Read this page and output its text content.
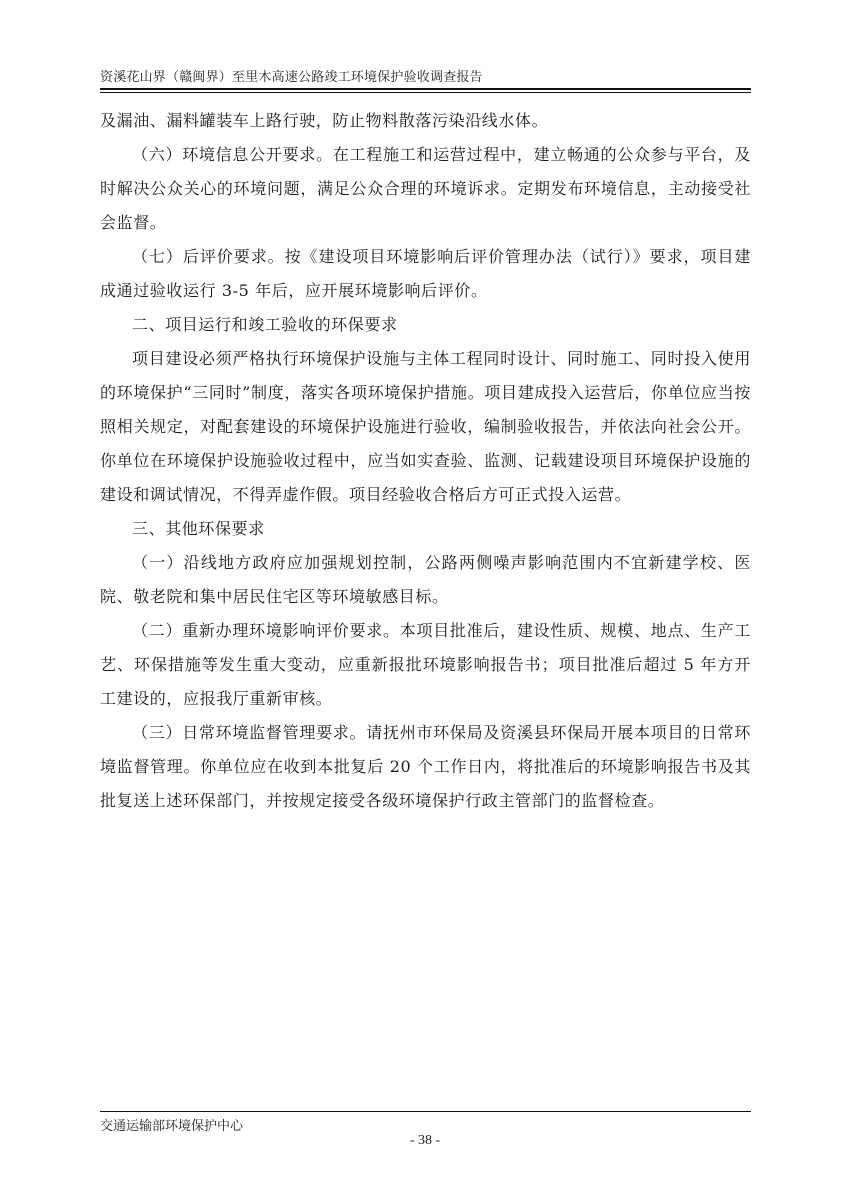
资溪花山界（赣闽界）至里木高速公路竣工环境保护验收调查报告

及漏油、漏料罐装车上路行驶，防止物料散落污染沿线水体。

（六）环境信息公开要求。在工程施工和运营过程中，建立畅通的公众参与平台，及时解决公众关心的环境问题，满足公众合理的环境诉求。定期发布环境信息，主动接受社会监督。

（七）后评价要求。按《建设项目环境影响后评价管理办法（试行）》要求，项目建成通过验收运行 3-5 年后，应开展环境影响后评价。

二、项目运行和竣工验收的环保要求

项目建设必须严格执行环境保护设施与主体工程同时设计、同时施工、同时投入使用的环境保护“三同时”制度，落实各项环境保护措施。项目建成投入运营后，你单位应当按照相关规定，对配套建设的环境保护设施进行验收，编制验收报告，并依法向社会公开。你单位在环境保护设施验收过程中，应当如实查验、监测、记载建设项目环境保护设施的建设和调试情况，不得弄虚作假。项目经验收合格后方可正式投入运营。

三、其他环保要求

（一）沿线地方政府应加强规划控制，公路两侧噪声影响范围内不宜新建学校、医院、敬老院和集中居民住宅区等环境敏感目标。

（二）重新办理环境影响评价要求。本项目批准后，建设性质、规模、地点、生产工艺、环保措施等发生重大变动，应重新报批环境影响报告书；项目批准后超过 5 年方开工建设的，应报我厅重新审核。

（三）日常环境监督管理要求。请抚州市环保局及资溪县环保局开展本项目的日常环境监督管理。你单位应在收到本批复后 20 个工作日内，将批准后的环境影响报告书及其批复送上述环保部门，并按规定接受各级环境保护行政主管部门的监督检查。

交通运输部环境保护中心
- 38 -
